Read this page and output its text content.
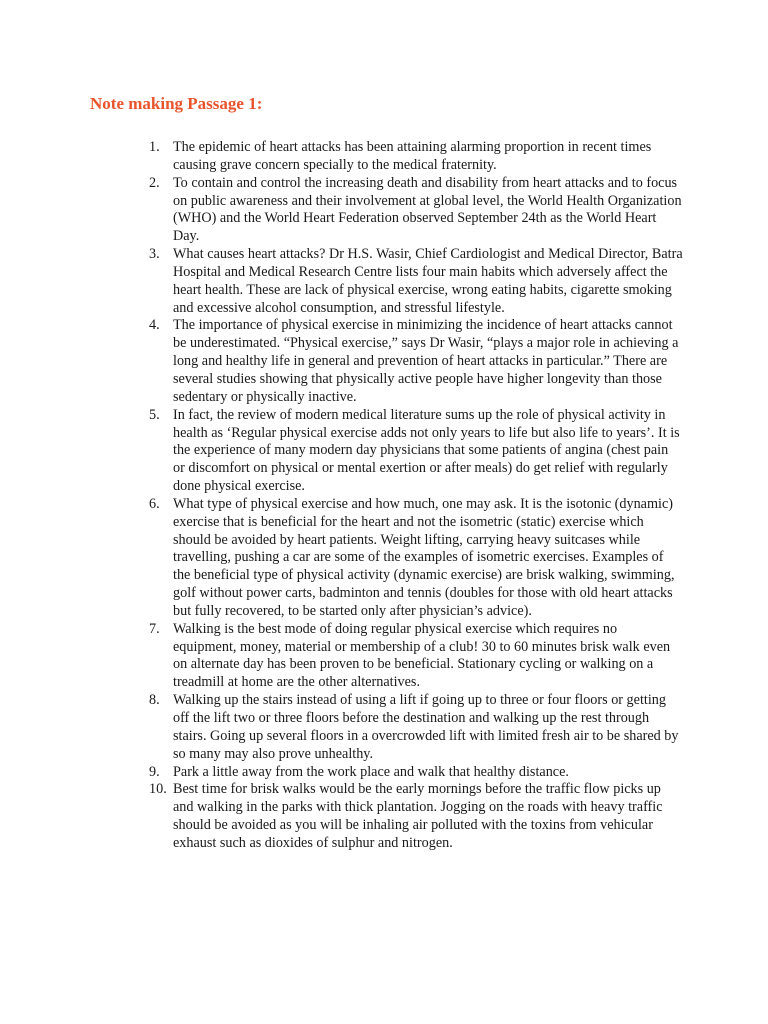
Note making Passage 1:
1. The epidemic of heart attacks has been attaining alarming proportion in recent times causing grave concern specially to the medical fraternity.
2. To contain and control the increasing death and disability from heart attacks and to focus on public awareness and their involvement at global level, the World Health Organization (WHO) and the World Heart Federation observed September 24th as the World Heart Day.
3. What causes heart attacks? Dr H.S. Wasir, Chief Cardiologist and Medical Director, Batra Hospital and Medical Research Centre lists four main habits which adversely affect the heart health. These are lack of physical exercise, wrong eating habits, cigarette smoking and excessive alcohol consumption, and stressful lifestyle.
4. The importance of physical exercise in minimizing the incidence of heart attacks cannot be underestimated. “Physical exercise,” says Dr Wasir, “plays a major role in achieving a long and healthy life in general and prevention of heart attacks in particular.” There are several studies showing that physically active people have higher longevity than those sedentary or physically inactive.
5. In fact, the review of modern medical literature sums up the role of physical activity in health as ‘Regular physical exercise adds not only years to life but also life to years’. It is the experience of many modern day physicians that some patients of angina (chest pain or discomfort on physical or mental exertion or after meals) do get relief with regularly done physical exercise.
6. What type of physical exercise and how much, one may ask. It is the isotonic (dynamic) exercise that is beneficial for the heart and not the isometric (static) exercise which should be avoided by heart patients. Weight lifting, carrying heavy suitcases while travelling, pushing a car are some of the examples of isometric exercises. Examples of the beneficial type of physical activity (dynamic exercise) are brisk walking, swimming, golf without power carts, badminton and tennis (doubles for those with old heart attacks but fully recovered, to be started only after physician’s advice).
7. Walking is the best mode of doing regular physical exercise which requires no equipment, money, material or membership of a club! 30 to 60 minutes brisk walk even on alternate day has been proven to be beneficial. Stationary cycling or walking on a treadmill at home are the other alternatives.
8. Walking up the stairs instead of using a lift if going up to three or four floors or getting off the lift two or three floors before the destination and walking up the rest through stairs. Going up several floors in a overcrowded lift with limited fresh air to be shared by so many may also prove unhealthy.
9. Park a little away from the work place and walk that healthy distance.
10. Best time for brisk walks would be the early mornings before the traffic flow picks up and walking in the parks with thick plantation. Jogging on the roads with heavy traffic should be avoided as you will be inhaling air polluted with the toxins from vehicular exhaust such as dioxides of sulphur and nitrogen.
